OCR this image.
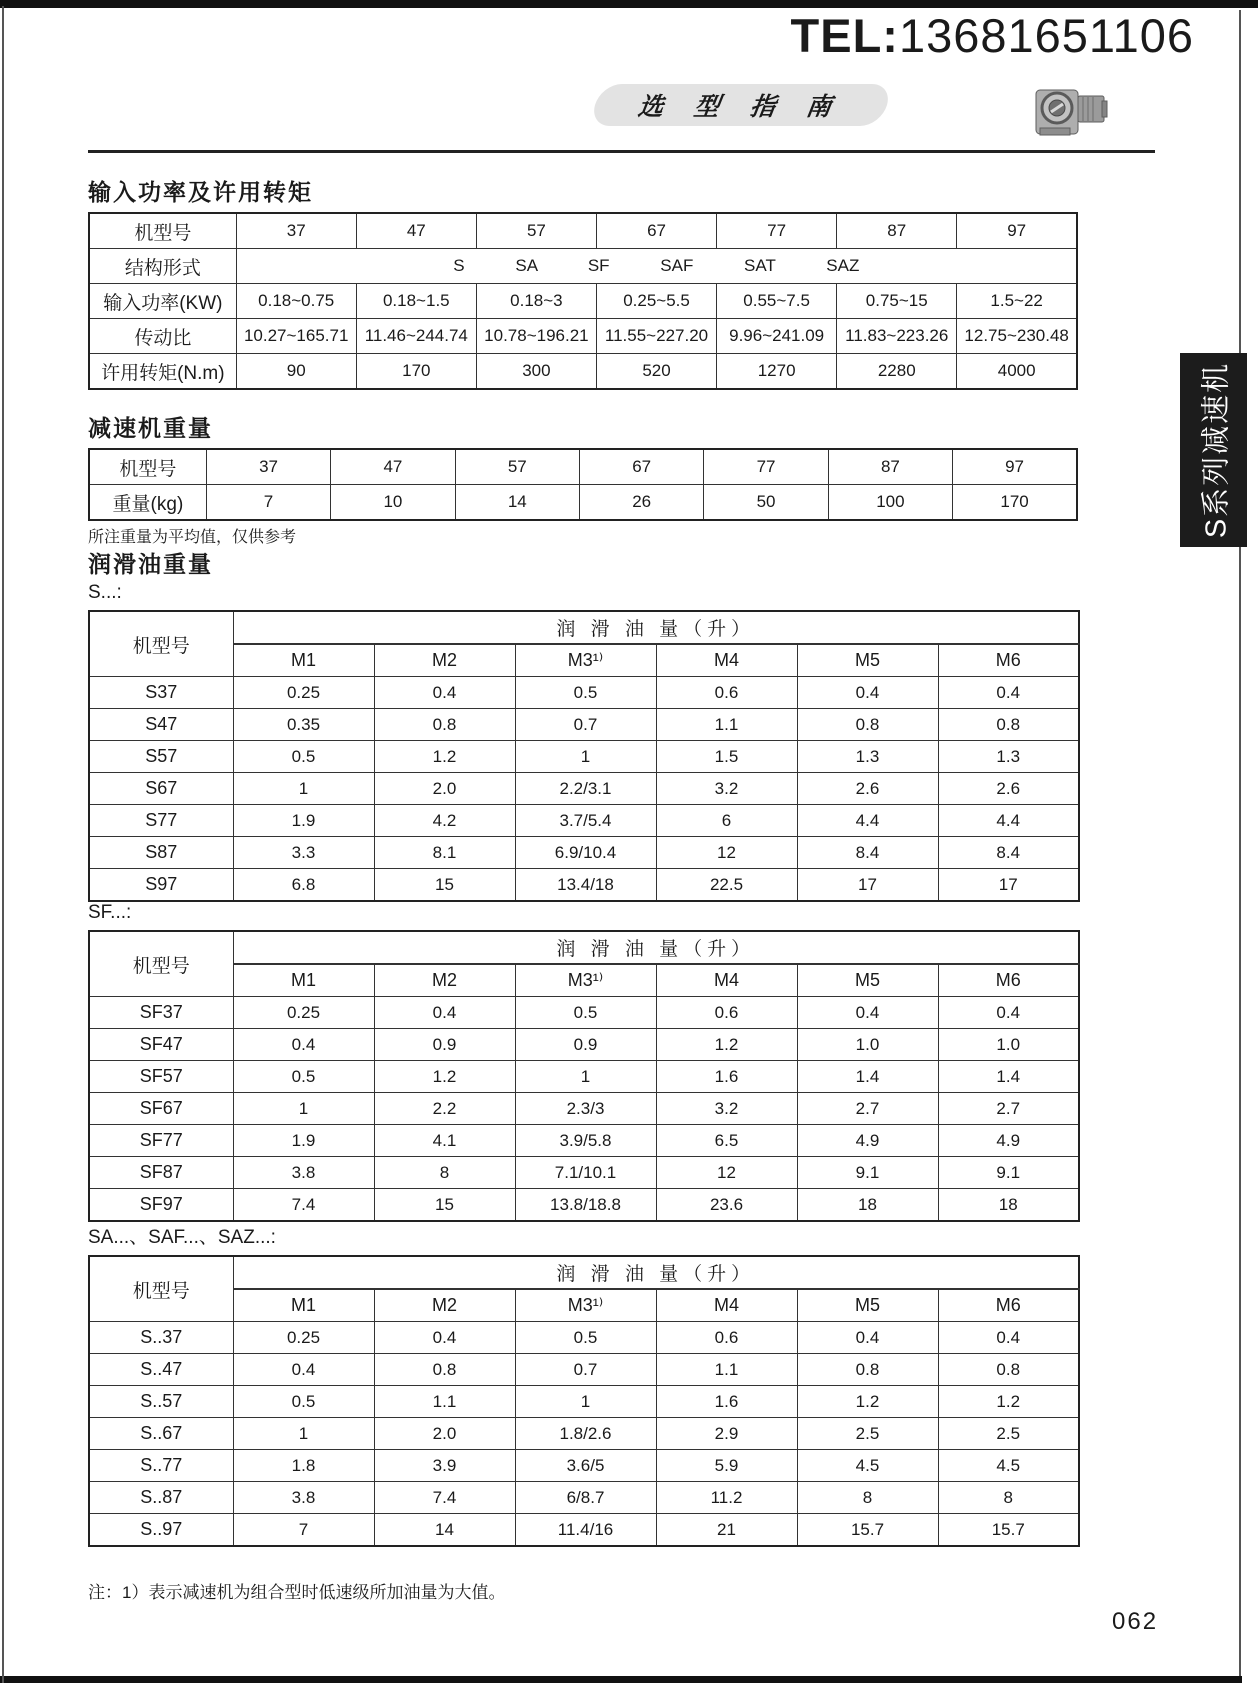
TEL:13681651106
选 型 指 南
输入功率及许用转矩
机型号	37	47	57	67	77	87	97
结构形式	S SA SF SAF SAT SAZ						
输入功率(KW)	0.18~0.75	0.18~1.5	0.18~3	0.25~5.5	0.55~7.5	0.75~15	1.5~22
传动比	10.27~165.71	11.46~244.74	10.78~196.21	11.55~227.20	9.96~241.09	11.83~223.26	12.75~230.48
许用转矩(N.m)	90	170	300	520	1270	2280	4000
减速机重量
机型号	37	47	57	67	77	87	97
重量(kg)	7	10	14	26	50	100	170
所注重量为平均值，仅供参考
润滑油重量
S...:
机型号	润 滑 油 量（升）					
	M1	M2	M3¹⁾	M4	M5	M6
S37	0.25	0.4	0.5	0.6	0.4	0.4
S47	0.35	0.8	0.7	1.1	0.8	0.8
S57	0.5	1.2	1	1.5	1.3	1.3
S67	1	2.0	2.2/3.1	3.2	2.6	2.6
S77	1.9	4.2	3.7/5.4	6	4.4	4.4
S87	3.3	8.1	6.9/10.4	12	8.4	8.4
S97	6.8	15	13.4/18	22.5	17	17
SF...:
机型号	润 滑 油 量（升）					
	M1	M2	M3¹⁾	M4	M5	M6
SF37	0.25	0.4	0.5	0.6	0.4	0.4
SF47	0.4	0.9	0.9	1.2	1.0	1.0
SF57	0.5	1.2	1	1.6	1.4	1.4
SF67	1	2.2	2.3/3	3.2	2.7	2.7
SF77	1.9	4.1	3.9/5.8	6.5	4.9	4.9
SF87	3.8	8	7.1/10.1	12	9.1	9.1
SF97	7.4	15	13.8/18.8	23.6	18	18
SA...、SAF...、SAZ...:
机型号	润 滑 油 量（升）					
	M1	M2	M3¹⁾	M4	M5	M6
S..37	0.25	0.4	0.5	0.6	0.4	0.4
S..47	0.4	0.8	0.7	1.1	0.8	0.8
S..57	0.5	1.1	1	1.6	1.2	1.2
S..67	1	2.0	1.8/2.6	2.9	2.5	2.5
S..77	1.8	3.9	3.6/5	5.9	4.5	4.5
S..87	3.8	7.4	6/8.7	11.2	8	8
S..97	7	14	11.4/16	21	15.7	15.7
注：1）表示减速机为组合型时低速级所加油量为大值。
062
S系列减速机
